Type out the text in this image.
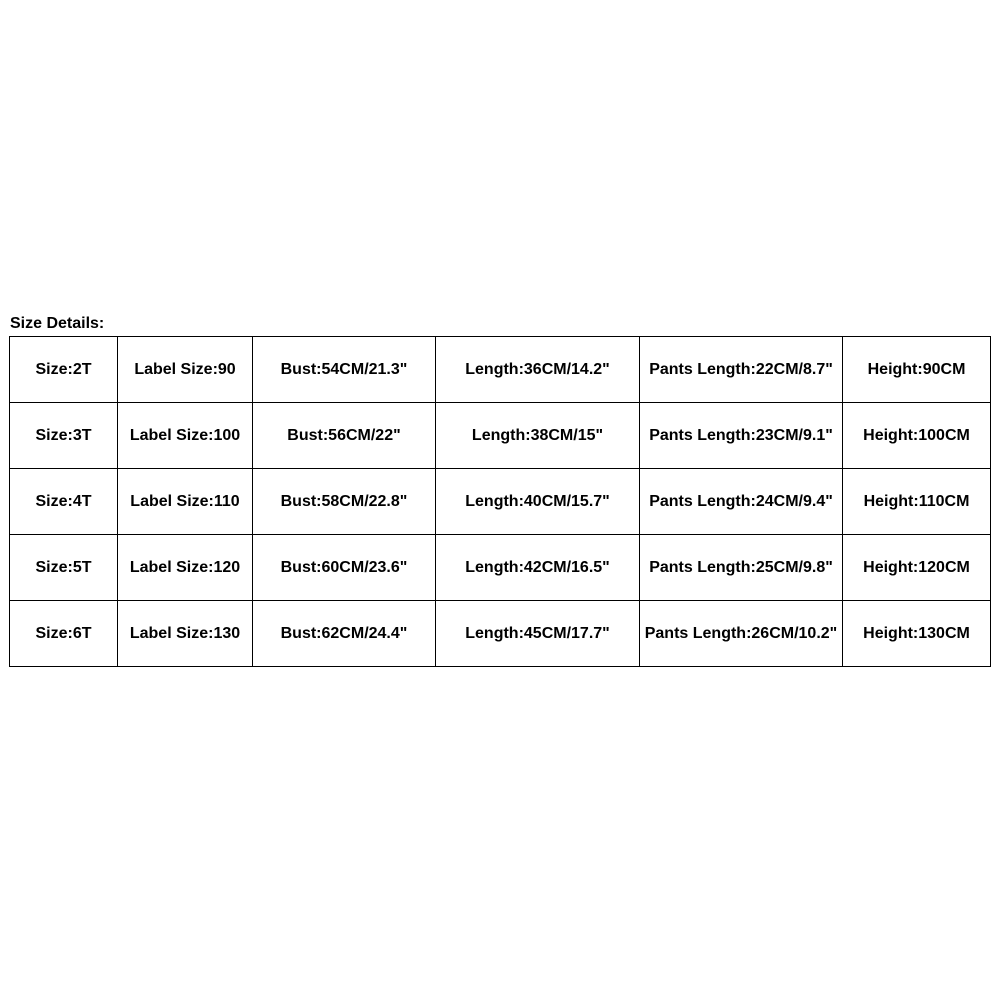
Size Details:
Size:2T	Label Size:90	Bust:54CM/21.3"	Length:36CM/14.2"	Pants Length:22CM/8.7"	Height:90CM
Size:3T	Label Size:100	Bust:56CM/22"	Length:38CM/15"	Pants Length:23CM/9.1"	Height:100CM
Size:4T	Label Size:110	Bust:58CM/22.8"	Length:40CM/15.7"	Pants Length:24CM/9.4"	Height:110CM
Size:5T	Label Size:120	Bust:60CM/23.6"	Length:42CM/16.5"	Pants Length:25CM/9.8"	Height:120CM
Size:6T	Label Size:130	Bust:62CM/24.4"	Length:45CM/17.7"	Pants Length:26CM/10.2"	Height:130CM
